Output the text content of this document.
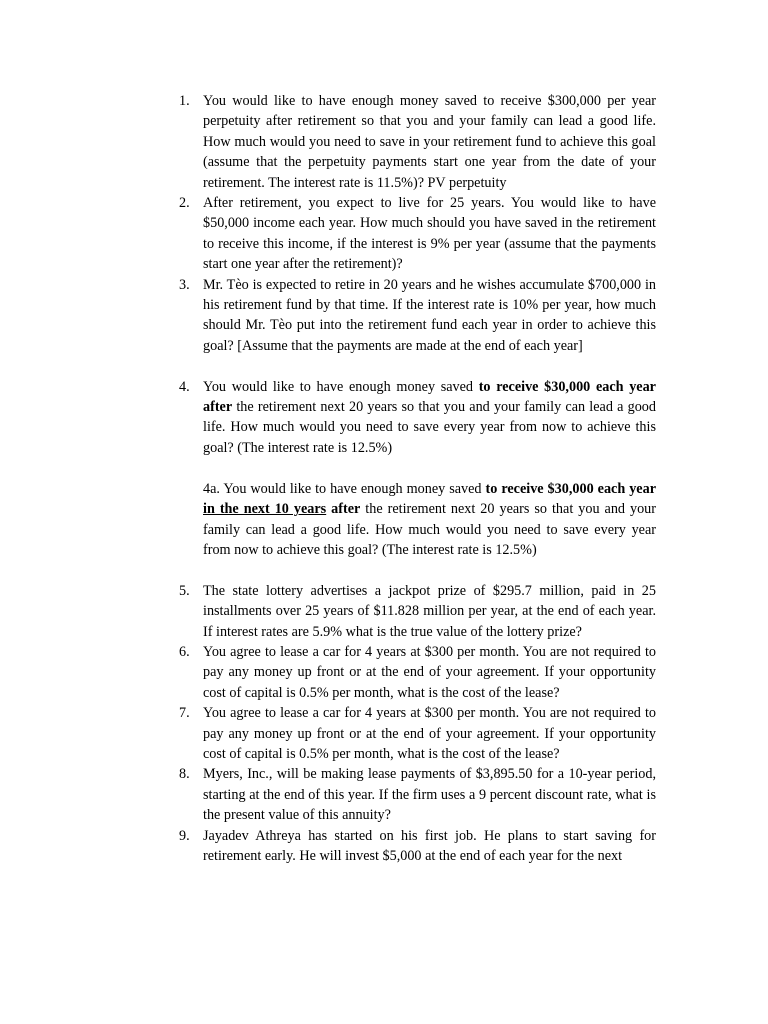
1. You would like to have enough money saved to receive $300,000 per year perpetuity after retirement so that you and your family can lead a good life. How much would you need to save in your retirement fund to achieve this goal (assume that the perpetuity payments start one year from the date of your retirement. The interest rate is 11.5%)? PV perpetuity
2. After retirement, you expect to live for 25 years. You would like to have $50,000 income each year. How much should you have saved in the retirement to receive this income, if the interest is 9% per year (assume that the payments start one year after the retirement)?
3. Mr. Tèo is expected to retire in 20 years and he wishes accumulate $700,000 in his retirement fund by that time. If the interest rate is 10% per year, how much should Mr. Tèo put into the retirement fund each year in order to achieve this goal? [Assume that the payments are made at the end of each year]
4. You would like to have enough money saved to receive $30,000 each year after the retirement next 20 years so that you and your family can lead a good life. How much would you need to save every year from now to achieve this goal? (The interest rate is 12.5%)
4a. You would like to have enough money saved to receive $30,000 each year in the next 10 years after the retirement next 20 years so that you and your family can lead a good life. How much would you need to save every year from now to achieve this goal? (The interest rate is 12.5%)
5. The state lottery advertises a jackpot prize of $295.7 million, paid in 25 installments over 25 years of $11.828 million per year, at the end of each year. If interest rates are 5.9% what is the true value of the lottery prize?
6. You agree to lease a car for 4 years at $300 per month. You are not required to pay any money up front or at the end of your agreement. If your opportunity cost of capital is 0.5% per month, what is the cost of the lease?
7. You agree to lease a car for 4 years at $300 per month. You are not required to pay any money up front or at the end of your agreement. If your opportunity cost of capital is 0.5% per month, what is the cost of the lease?
8. Myers, Inc., will be making lease payments of $3,895.50 for a 10-year period, starting at the end of this year. If the firm uses a 9 percent discount rate, what is the present value of this annuity?
9. Jayadev Athreya has started on his first job. He plans to start saving for retirement early. He will invest $5,000 at the end of each year for the next
